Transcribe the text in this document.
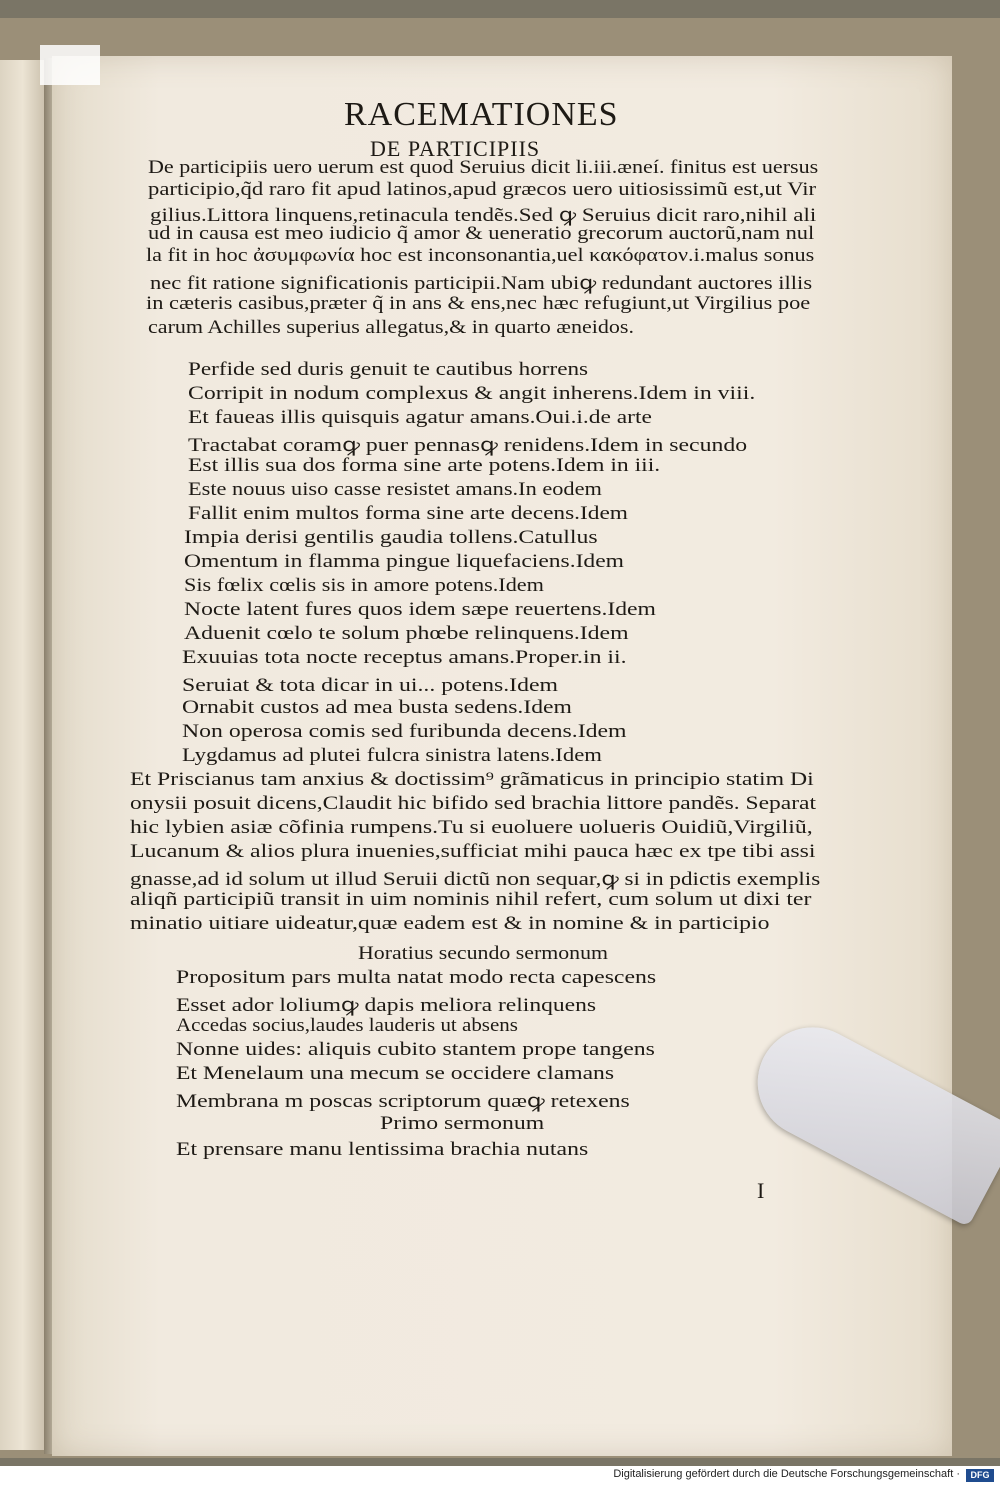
RACEMATIONES
DE PARTICIPIIS
De participiis uero uerum est quod Seruius dicit li.iii.æneí. finitus est uersus
participio,q̃d raro fit apud latinos,apud græcos uero uitiosissimũ est,ut Vir
gilius.Littora linquens,retinacula tendẽs.Sed ꝙ Seruius dicit raro,nihil ali
ud in causa est meo iudicio q̃ amor & ueneratio grecorum auctorũ,nam nul
la fit in hoc ἀσυμφωνία hoc est inconsonantia,uel κακόφατον.i.malus sonus
nec fit ratione significationis participii.Nam ubiꝙ redundant auctores illis
in cæteris casibus,præter q̃ in ans & ens,nec hæc refugiunt,ut Virgilius poe
carum Achilles superius allegatus,& in quarto æneidos.
Perfide sed duris genuit te cautibus horrens
Corripit in nodum complexus & angit inherens.Idem in viii.
Et faueas illis quisquis agatur amans.Oui.i.de arte
Tractabat coramꝙ puer pennasꝙ renidens.Idem in secundo
Est illis sua dos forma sine arte potens.Idem in iii.
Este nouus uiso casse resistet amans.In eodem
Fallit enim multos forma sine arte decens.Idem
Impia derisi gentilis gaudia tollens.Catullus
Omentum in flamma pingue liquefaciens.Idem
Sis fœlix cœlis sis in amore potens.Idem
Nocte latent fures quos idem sæpe reuertens.Idem
Aduenit cœlo te solum phœbe relinquens.Idem
Exuuias tota nocte receptus amans.Proper.in ii.
Seruiat & tota dicar in ui... potens.Idem
Ornabit custos ad mea busta sedens.Idem
Non operosa comis sed furibunda decens.Idem
Lygdamus ad plutei fulcra sinistra latens.Idem
Et Priscianus tam anxius & doctissim⁹ grãmaticus in principio statim Di
onysii posuit dicens,Claudit hic bifido sed brachia littore pandẽs. Separat
hic lybien asiæ cõfinia rumpens.Tu si euoluere uolueris Ouidiũ,Virgiliũ,
Lucanum & alios plura inuenies,sufficiat mihi pauca hæc ex tpe tibi assi
gnasse,ad id solum ut illud Seruii dictũ non sequar,ꝙ si in pdictis exemplis
aliqñ participiũ transit in uim nominis nihil refert, cum solum ut dixi ter
minatio uitiare uideatur,quæ eadem est & in nomine & in participio
Horatius secundo sermonum
Propositum pars multa natat modo recta capescens
Esset ador loliumꝙ dapis meliora relinquens
Accedas socius,laudes lauderis ut absens
Nonne uides: aliquis cubito stantem prope tangens
Et Menelaum una mecum se occidere clamans
Membrana m poscas scriptorum quæꝙ retexens
Primo sermonum
Et prensare manu lentissima brachia nutans
I
Digitalisierung gefördert durch die Deutsche Forschungsgemeinschaft ·	DFG
